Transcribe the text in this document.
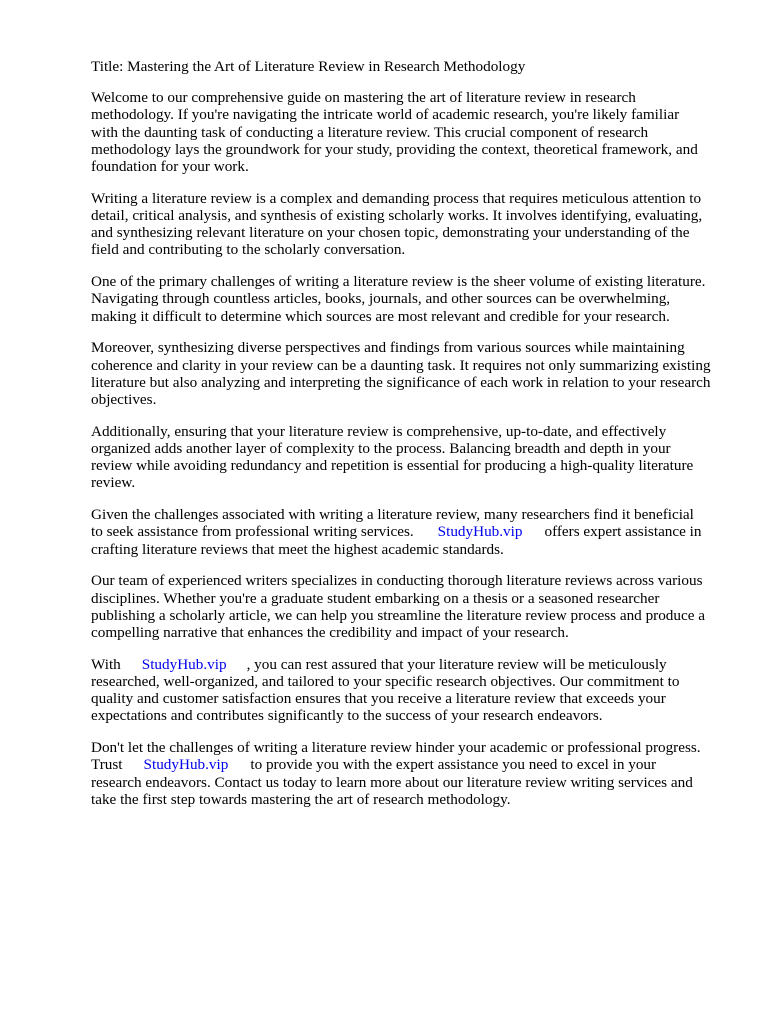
Title: Mastering the Art of Literature Review in Research Methodology

Welcome to our comprehensive guide on mastering the art of literature review in research
methodology. If you're navigating the intricate world of academic research, you're likely familiar
with the daunting task of conducting a literature review. This crucial component of research
methodology lays the groundwork for your study, providing the context, theoretical framework, and
foundation for your work.

Writing a literature review is a complex and demanding process that requires meticulous attention to
detail, critical analysis, and synthesis of existing scholarly works. It involves identifying, evaluating,
and synthesizing relevant literature on your chosen topic, demonstrating your understanding of the
field and contributing to the scholarly conversation.

One of the primary challenges of writing a literature review is the sheer volume of existing literature.
Navigating through countless articles, books, journals, and other sources can be overwhelming,
making it difficult to determine which sources are most relevant and credible for your research.

Moreover, synthesizing diverse perspectives and findings from various sources while maintaining
coherence and clarity in your review can be a daunting task. It requires not only summarizing existing
literature but also analyzing and interpreting the significance of each work in relation to your research
objectives.

Additionally, ensuring that your literature review is comprehensive, up-to-date, and effectively
organized adds another layer of complexity to the process. Balancing breadth and depth in your
review while avoiding redundancy and repetition is essential for producing a high-quality literature
review.

Given the challenges associated with writing a literature review, many researchers find it beneficial
to seek assistance from professional writing services. StudyHub.vip offers expert assistance in
crafting literature reviews that meet the highest academic standards.

Our team of experienced writers specializes in conducting thorough literature reviews across various
disciplines. Whether you're a graduate student embarking on a thesis or a seasoned researcher
publishing a scholarly article, we can help you streamline the literature review process and produce a
compelling narrative that enhances the credibility and impact of your research.

With StudyHub.vip , you can rest assured that your literature review will be meticulously
researched, well-organized, and tailored to your specific research objectives. Our commitment to
quality and customer satisfaction ensures that you receive a literature review that exceeds your
expectations and contributes significantly to the success of your research endeavors.

Don't let the challenges of writing a literature review hinder your academic or professional progress.
Trust StudyHub.vip to provide you with the expert assistance you need to excel in your
research endeavors. Contact us today to learn more about our literature review writing services and
take the first step towards mastering the art of research methodology.
